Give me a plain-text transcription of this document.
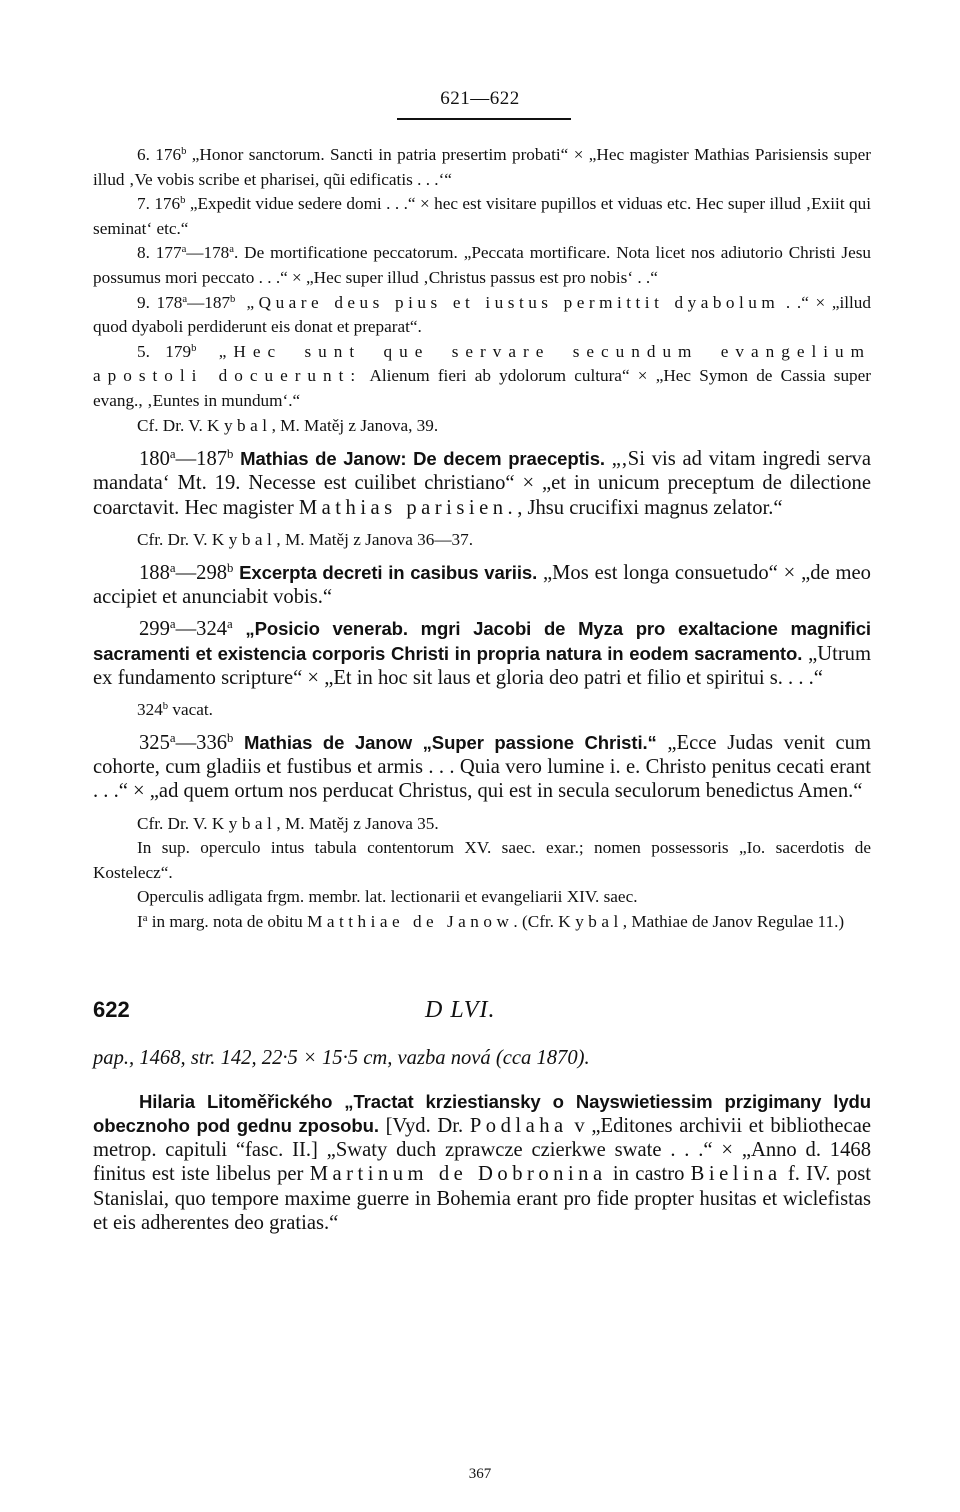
621—622

6. 176$^b$ „Honor sanctorum. Sancti in patria presertim probati“ × „Hec magister Mathias Parisiensis super illud ‚Ve vobis scribe et pharisei, qũi edificatis . . .‘“

7. 176$^b$ „Expedit vidue sedere domi . . .“ × hec est visitare pupillos et viduas etc. Hec super illud ‚Exiit qui seminat‘ etc.“

8. 177$^a$—178$^a$. De mortificatione peccatorum. „Peccata mortificare. Nota licet nos adiutorio Christi Jesu possumus mori peccato . . .“ × „Hec super illud ‚Christus passus est pro nobis‘ . .“

9. 178$^a$—187$^b$ „Quare deus pius et iustus permittit dyabolum . .“ × „illud quod dyaboli perdiderunt eis donat et preparat“.

5. 179$^b$ „Hec sunt que servare secundum evangelium apostoli docuerunt: Alienum fieri ab ydolorum cultura“ × „Hec Symon de Cassia super evang., ‚Euntes in mundum‘.“

Cf. Dr. V. Kybal, M. Matěj z Janova, 39.

180$^a$—187$^b$ Mathias de Janow: De decem praeceptis. „‚Si vis ad vitam ingredi serva mandata‘ Mt. 19. Necesse est cuilibet christiano“ × „et in unicum preceptum de dilectione coarctavit. Hec magister Mathias parisien., Jhsu crucifixi magnus zelator.“

Cfr. Dr. V. Kybal, M. Matěj z Janova 36—37.

188$^a$—298$^b$ Excerpta decreti in casibus variis. „Mos est longa consuetudo“ × „de meo accipiet et anunciabit vobis.“

299$^a$—324$^a$ „Posicio venerab. mgri Jacobi de Myza pro exaltacione magnifici sacramenti et existencia corporis Christi in propria natura in eodem sacramento. „Utrum ex fundamento scripture“ × „Et in hoc sit laus et gloria deo patri et filio et spiritui s. . . .“

324$^b$ vacat.

325$^a$—336$^b$ Mathias de Janow „Super passione Christi.“ „Ecce Judas venit cum cohorte, cum gladiis et fustibus et armis . . . Quia vero lumine i. e. Christo penitus cecati erant . . .“ × „ad quem ortum nos perducat Christus, qui est in secula seculorum benedictus Amen.“

Cfr. Dr. V. Kybal, M. Matěj z Janova 35.

In sup. operculo intus tabula contentorum XV. saec. exar.; nomen possessoris „Io. sacerdotis de Kostelecz“.

Operculis adligata frgm. membr. lat. lectionarii et evangeliarii XIV. saec.

$I^a$ in marg. nota de obitu Matthiae de Janow. (Cfr. Kybal, Mathiae de Janov Regulae 11.)

622	D LVI.

pap., 1468, str. 142, 22·5 × 15·5 cm, vazba nová (cca 1870).

Hilaria Litoměřického „Tractat krziestiansky o Nayswietiessim przigimany lydu obecznoho pod gednu zposobu. [Vyd. Dr. Podlaha v „Editones archivii et bibliothecae metrop. capituli “fasc. II.] „Swaty duch zprawcze czierkwe swate . . .“ × „Anno d. 1468 finitus est iste libelus per Martinum de Dobronina in castro Bielina f. IV. post Stanislai, quo tempore maxime guerre in Bohemia erant pro fide propter husitas et wiclefistas et eis adherentes deo gratias.“

367
